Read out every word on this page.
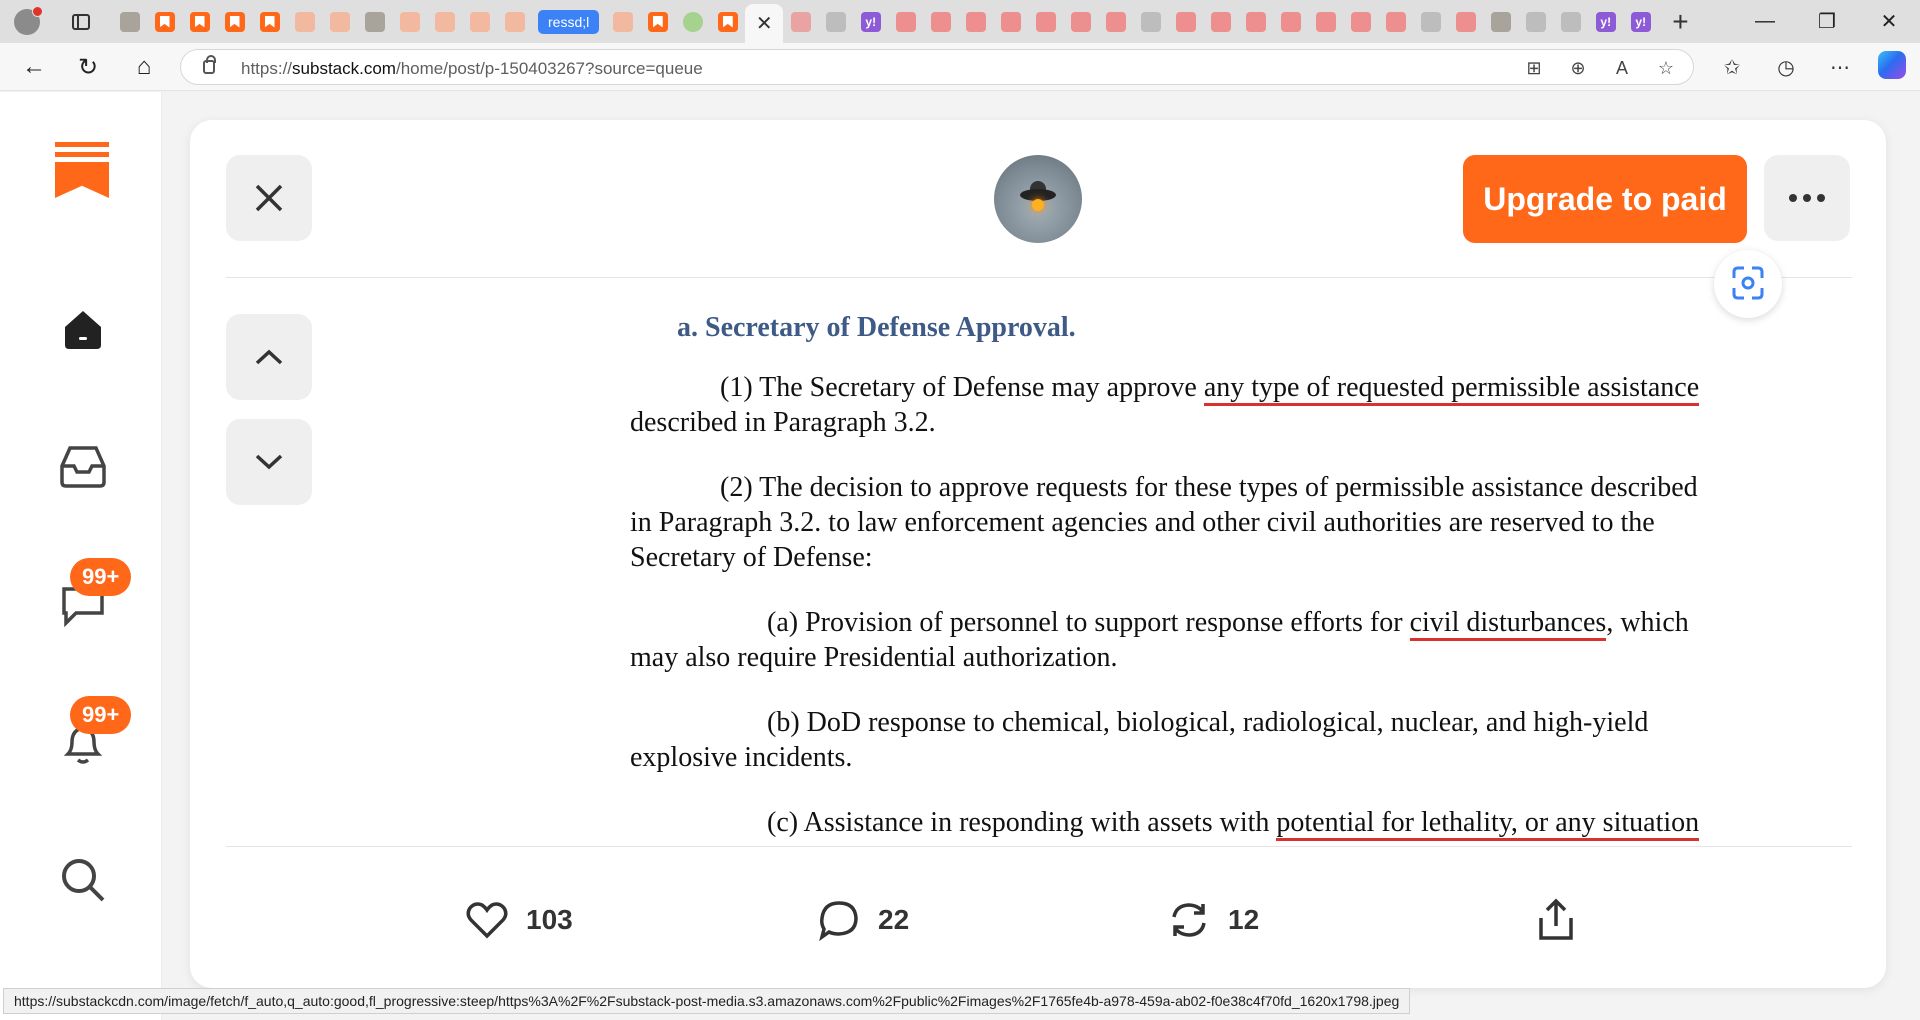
ressd;l	✕	y!	y!	y! +	—	❐	✕
← ↻	⌂	https://substack.com/home/post/p-150403267?source=queue	⊞	⊕	A	☆	✩	◷	⋯
99+
99+
Upgrade to paid
a. Secretary of Defense Approval.
(1) The Secretary of Defense may approve any type of requested permissible assistance
described in Paragraph 3.2.
(2) The decision to approve requests for these types of permissible assistance described
in Paragraph 3.2. to law enforcement agencies and other civil authorities are reserved to the
Secretary of Defense:
(a) Provision of personnel to support response efforts for civil disturbances, which
may also require Presidential authorization.
(b) DoD response to chemical, biological, radiological, nuclear, and high-yield
explosive incidents.
(c) Assistance in responding with assets with potential for lethality, or any situation
103	22	12
https://substackcdn.com/image/fetch/f_auto,q_auto:good,fl_progressive:steep/https%3A%2F%2Fsubstack-post-media.s3.amazonaws.com%2Fpublic%2Fimages%2F1765fe4b-a978-459a-ab02-f0e38c4f70fd_1620x1798.jpeg
